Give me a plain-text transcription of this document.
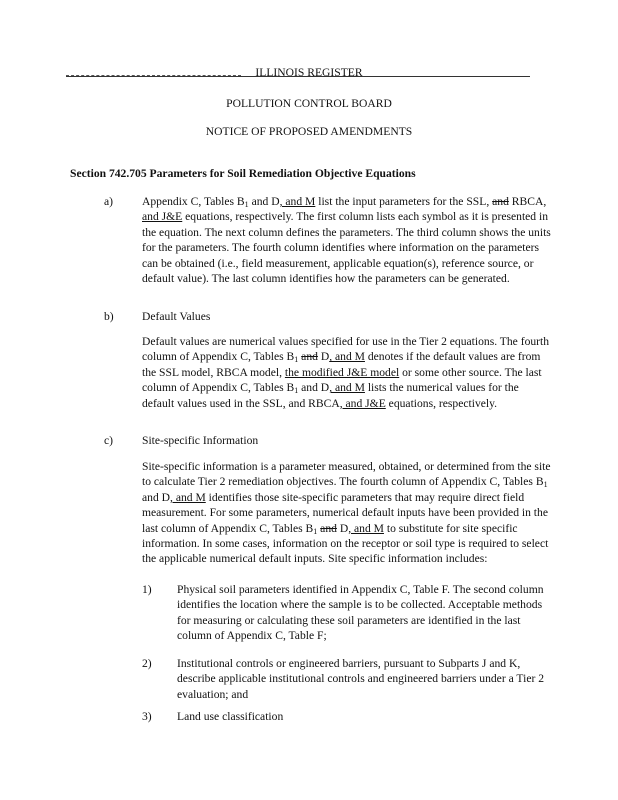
ILLINOIS REGISTER
POLLUTION CONTROL BOARD
NOTICE OF PROPOSED AMENDMENTS
Section 742.705 Parameters for Soil Remediation Objective Equations
a) Appendix C, Tables $B_1$ and D, and M list the input parameters for the SSL, and RBCA, and J&E equations, respectively. The first column lists each symbol as it is presented in the equation. The next column defines the parameters. The third column shows the units for the parameters. The fourth column identifies where information on the parameters can be obtained (i.e., field measurement, applicable equation(s), reference source, or default value). The last column identifies how the parameters can be generated.
b) Default Values
Default values are numerical values specified for use in the Tier 2 equations. The fourth column of Appendix C, Tables $B_1$ and D, and M denotes if the default values are from the SSL model, RBCA model, the modified J&E model or some other source. The last column of Appendix C, Tables $B_1$ and D, and M lists the numerical values for the default values used in the SSL, and RBCA, and J&E equations, respectively.
c) Site-specific Information
Site-specific information is a parameter measured, obtained, or determined from the site to calculate Tier 2 remediation objectives. The fourth column of Appendix C, Tables $B_1$ and D, and M identifies those site-specific parameters that may require direct field measurement. For some parameters, numerical default inputs have been provided in the last column of Appendix C, Tables $B_1$ and D, and M to substitute for site specific information. In some cases, information on the receptor or soil type is required to select the applicable numerical default inputs. Site specific information includes:
1) Physical soil parameters identified in Appendix C, Table F. The second column identifies the location where the sample is to be collected. Acceptable methods for measuring or calculating these soil parameters are identified in the last column of Appendix C, Table F;
2) Institutional controls or engineered barriers, pursuant to Subparts J and K, describe applicable institutional controls and engineered barriers under a Tier 2 evaluation; and
3) Land use classification
